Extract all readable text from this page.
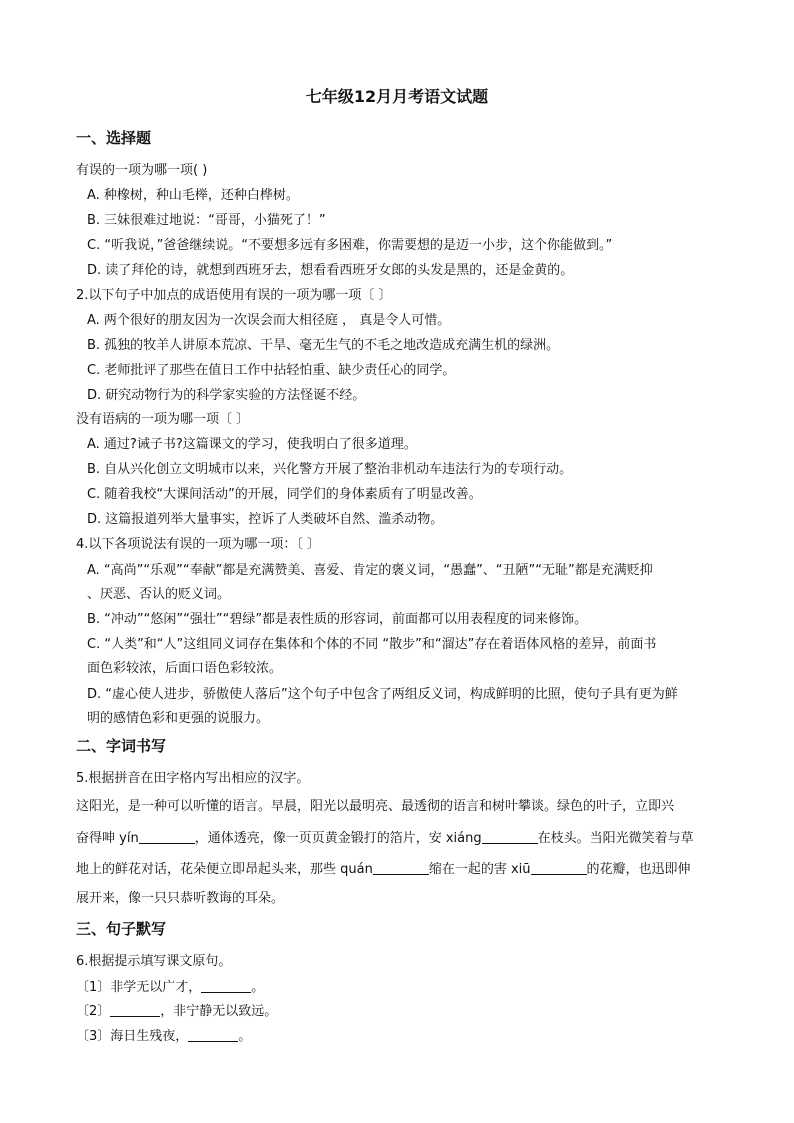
七年级12月月考语文试题
一、选择题
有误的一项为哪一项( )
A. 种橡树，种山毛榉，还种白桦树。
B. 三妹很难过地说：“哥哥，小猫死了！”
C. “听我说，”爸爸继续说。“不要想多远有多困难，你需要想的是迈一小步，这个你能做到。”
D. 读了拜伦的诗，就想到西班牙去，想看看西班牙女郎的头发是黑的，还是金黄的。
2.以下句子中加点的成语使用有误的一项为哪一项〔 〕
A. 两个很好的朋友因为一次误会而大相径庭 ， 真是令人可惜。
B. 孤独的牧羊人讲原本荒凉、干旱、毫无生气的不毛之地改造成充满生机的绿洲。
C. 老师批评了那些在值日工作中拈轻怕重、缺少责任心的同学。
D. 研究动物行为的科学家实验的方法怪诞不经。
没有语病的一项为哪一项〔 〕
A. 通过?诫子书?这篇课文的学习，使我明白了很多道理。
B. 自从兴化创立文明城市以来，兴化警方开展了整治非机动车违法行为的专项行动。
C. 随着我校“大课间活动”的开展，同学们的身体素质有了明显改善。
D. 这篇报道列举大量事实，控诉了人类破坏自然、滥杀动物。
4.以下各项说法有误的一项为哪一项：〔 〕
A. “高尚”“乐观”“奉献”都是充满赞美、喜爱、肯定的褒义词，“愚蠢”、“丑陋”“无耻”都是充满贬抑
、厌恶、否认的贬义词。
B. “冲动”“悠闲”“强壮”“碧绿”都是表性质的形容词，前面都可以用表程度的词来修饰。
C. “人类”和“人”这组同义词存在集体和个体的不同 “散步”和“溜达”存在着语体风格的差异，前面书
面色彩较浓，后面口语色彩较浓。
D. “虚心使人进步，骄傲使人落后”这个句子中包含了两组反义词，构成鲜明的比照，使句子具有更为鲜
明的感情色彩和更强的说服力。
二、字词书写
5.根据拼音在田字格内写出相应的汉字。
这阳光，是一种可以听懂的语言。早晨，阳光以最明亮、最透彻的语言和树叶攀谈。绿色的叶子，立即兴
奋得呻 yín	，通体透亮，像一页页黄金锻打的箔片，安 xiáng	在枝头。当阳光微笑着与草
地上的鲜花对话，花朵便立即昂起头来，那些 quán	缩在一起的害 xiū	的花瓣，也迅即伸
展开来，像一只只恭听教诲的耳朵。
三、句子默写
6.根据提示填写课文原句。
〔1〕非学无以广才，	。
〔2〕	，非宁静无以致远。
〔3〕海日生残夜，	。
